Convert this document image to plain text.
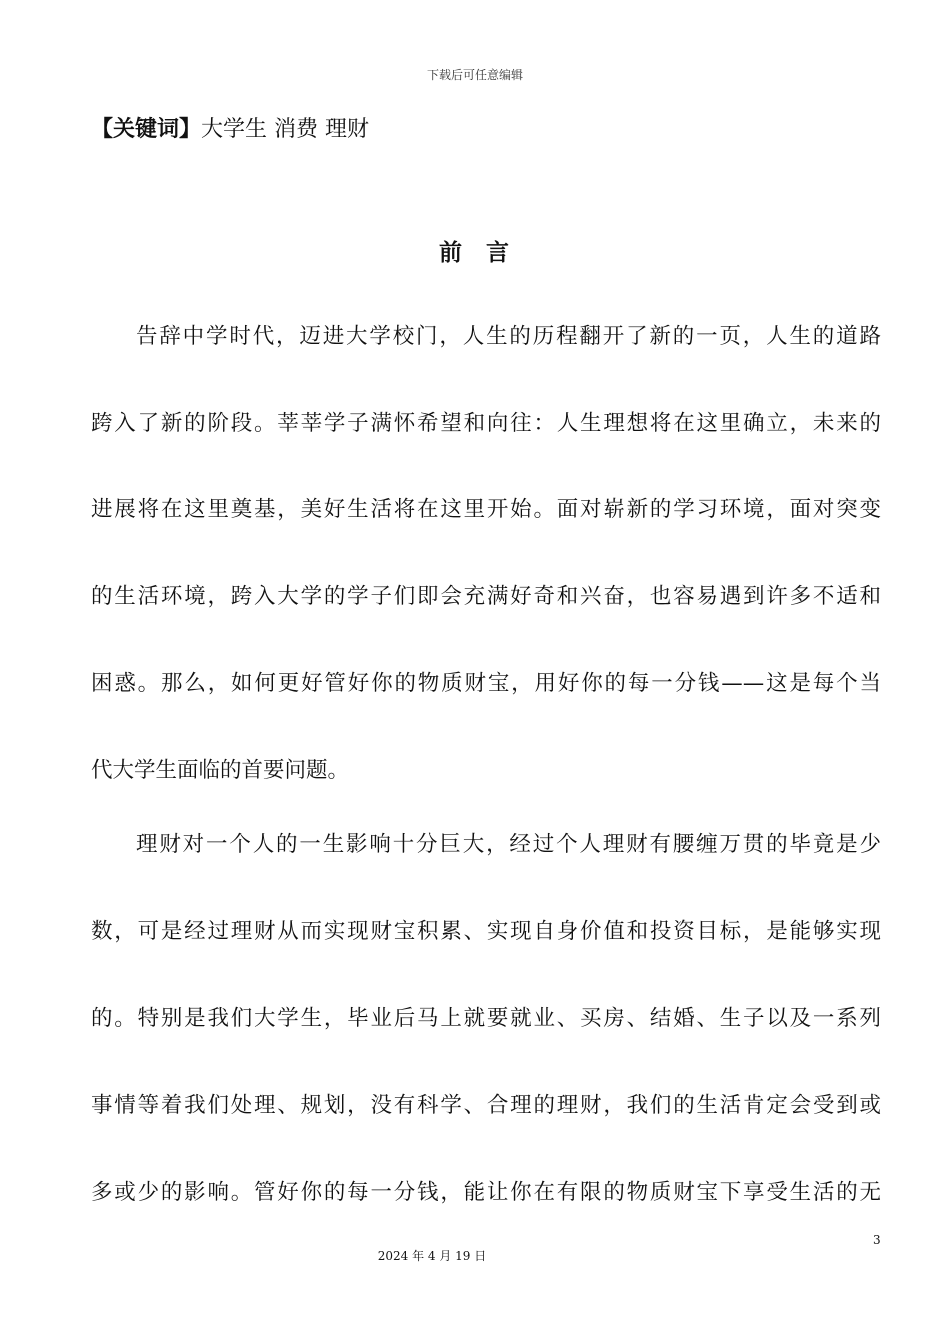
下载后可任意编辑
【关键词】大学生 消费 理财
前 言
告辞中学时代，迈进大学校门，人生的历程翻开了新的一页，人生的道路
跨入了新的阶段。莘莘学子满怀希望和向往：人生理想将在这里确立，未来的
进展将在这里奠基，美好生活将在这里开始。面对崭新的学习环境，面对突变
的生活环境，跨入大学的学子们即会充满好奇和兴奋，也容易遇到许多不适和
困惑。那么，如何更好管好你的物质财宝，用好你的每一分钱——这是每个当
代大学生面临的首要问题。
理财对一个人的一生影响十分巨大，经过个人理财有腰缠万贯的毕竟是少
数，可是经过理财从而实现财宝积累、实现自身价值和投资目标，是能够实现
的。特别是我们大学生，毕业后马上就要就业、买房、结婚、生子以及一系列
事情等着我们处理、规划，没有科学、合理的理财，我们的生活肯定会受到或
多或少的影响。管好你的每一分钱，能让你在有限的物质财宝下享受生活的无
3
2024 年 4 月 19 日
